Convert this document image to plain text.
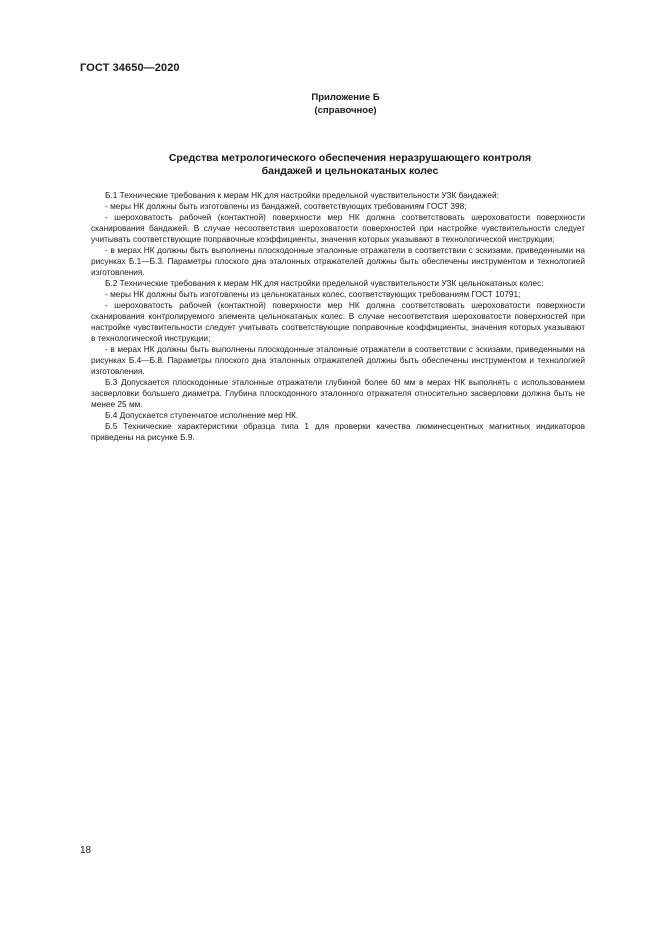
ГОСТ 34650—2020
Приложение Б
(справочное)
Средства метрологического обеспечения неразрушающего контроля
бандажей и цельнокатаных колес

Б.1 Технические требования к мерам НК для настройки предельной чувствительности УЗК бандажей:

- меры НК должны быть изготовлены из бандажей, соответствующих требованиям ГОСТ 398;

- шероховатость рабочей (контактной) поверхности мер НК должна соответствовать шероховатости поверхности сканирования бандажей. В случае несоответствия шероховатости поверхностей при настройке чувствительности следует учитывать соответствующие поправочные коэффициенты, значения которых указывают в технологической инструкции;

- в мерах НК должны быть выполнены плоскодонные эталонные отражатели в соответствии с эскизами, приведенными на рисунках Б.1—Б.3. Параметры плоского дна эталонных отражателей должны быть обеспечены инструментом и технологией изготовления.

Б.2 Технические требования к мерам НК для настройки предельной чувствительности УЗК цельнокатаных колес:

- меры НК должны быть изготовлены из цельнокатаных колес, соответствующих требованиям ГОСТ 10791;

- шероховатость рабочей (контактной) поверхности мер НК должна соответствовать шероховатости поверхности сканирования контролируемого элемента цельнокатаных колес. В случае несоответствия шероховатости поверхностей при настройке чувствительности следует учитывать соответствующие поправочные коэффициенты, значения которых указывают в технологической инструкции;

- в мерах НК должны быть выполнены плоскодонные эталонные отражатели в соответствии с эскизами, приведенными на рисунках Б.4—Б.8. Параметры плоского дна эталонных отражателей должны быть обеспечены инструментом и технологией изготовления.

Б.3 Допускается плоскодонные эталонные отражатели глубиной более 60 мм в мерах НК выполнять с использованием засверловки большего диаметра. Глубина плоскодонного эталонного отражателя относительно засверловки должна быть не менее 25 мм.

Б.4 Допускается ступенчатое исполнение мер НК.

Б.5 Технические характеристики образца типа 1 для проверки качества люминесцентных магнитных индикаторов приведены на рисунке Б.9.

18
